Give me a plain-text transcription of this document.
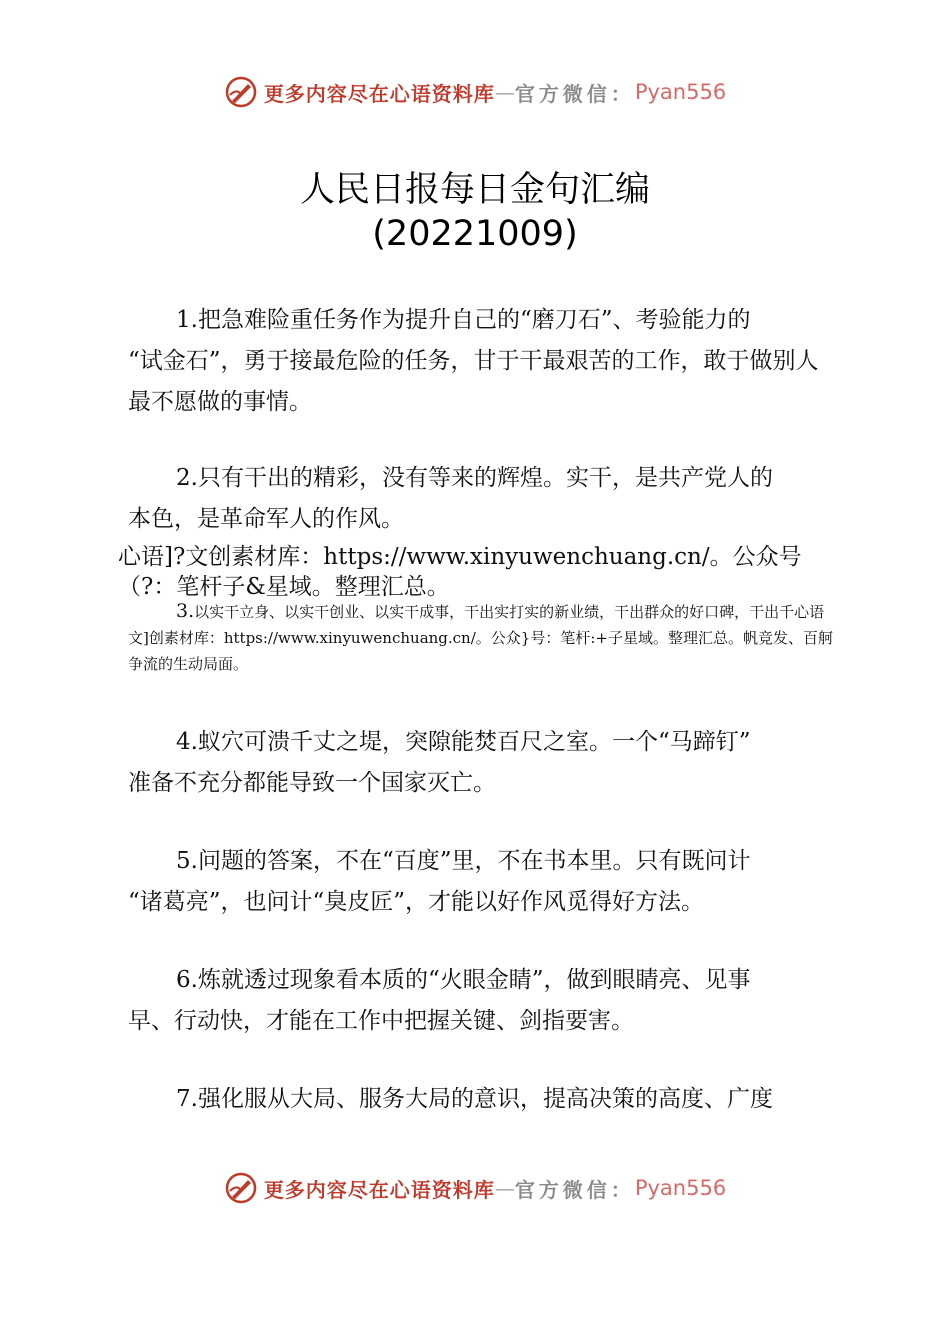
更多内容尽在心语资料库 — 官方微信： Pyan556
人民日报每日金句汇编
(20221009)
1.把急难险重任务作为提升自己的“磨刀石”、考验能力的
“试金石”，勇于接最危险的任务，甘于干最艰苦的工作，敢于做别人最不愿做的事情。
2.只有干出的精彩，没有等来的辉煌。实干，是共产党人的
本色，是革命军人的作风。
心语]?文创素材库：https://www.xinyuwenchuang.cn/。公众号（?：笔杆子&星域。整理汇总。
3.以实干立身、以实干创业、以实干成事，干出实打实的新业绩，干出群众的好口碑，干出千心语文]创素材库：https://www.xinyuwenchuang.cn/。公众}号：笔杆:+子星域。整理汇总。帆竞发、百舸争流的生动局面。
4.蚁穴可溃千丈之堤，突隙能焚百尺之室。一个“马蹄钉”
准备不充分都能导致一个国家灭亡。
5.问题的答案，不在“百度”里，不在书本里。只有既问计
“诸葛亮”，也问计“臭皮匠”，才能以好作风觅得好方法。
6.炼就透过现象看本质的“火眼金睛”，做到眼睛亮、见事
早、行动快，才能在工作中把握关键、剑指要害。
7.强化服从大局、服务大局的意识，提高决策的高度、广度
更多内容尽在心语资料库 — 官方微信： Pyan556
